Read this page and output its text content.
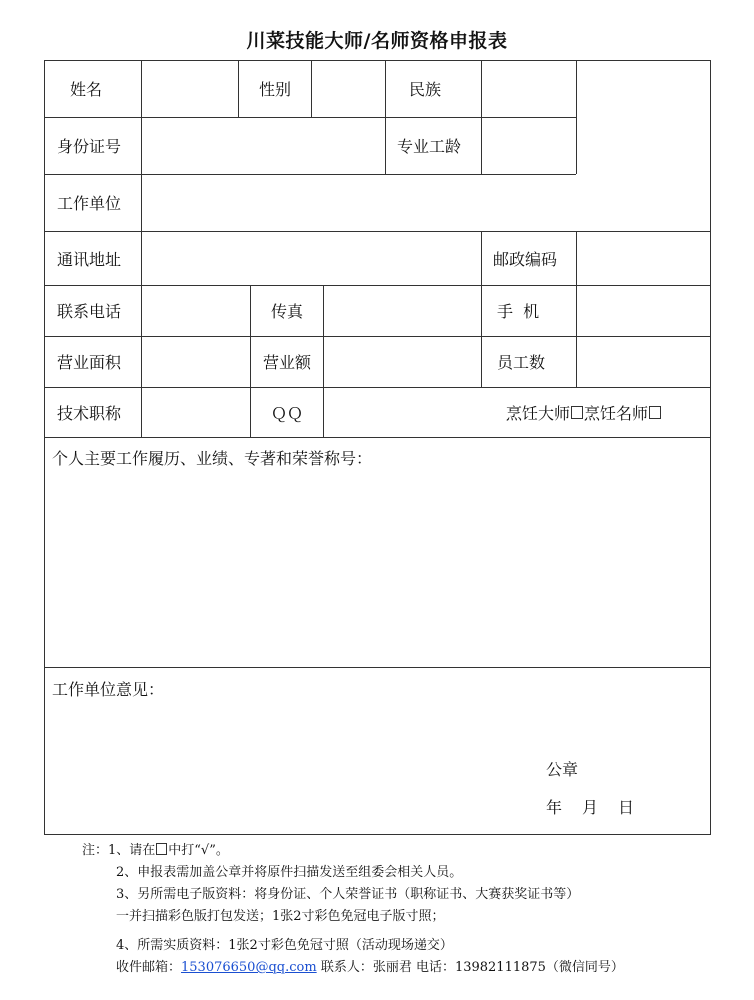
川菜技能大师/名师资格申报表
姓名	性别	民族
身份证号	专业工龄
工作单位
通讯地址	邮政编码
联系电话	传真	手  机
营业面积	营业额	员工数
技术职称	ＱＱ	烹饪大师 烹饪名师
个人主要工作履历、业绩、专著和荣誉称号：
工作单位意见：
公章
年 月 日
注：1、请在 中打“√”。
2、申报表需加盖公章并将原件扫描发送至组委会相关人员。
3、另所需电子版资料：将身份证、个人荣誉证书（职称证书、大赛获奖证书等）
一并扫描彩色版打包发送；1张2寸彩色免冠电子版寸照；
4、所需实质资料：1张2寸彩色免冠寸照（活动现场递交）
收件邮箱：153076650@qq.com 联系人：张丽君 电话：13982111875（微信同号）
